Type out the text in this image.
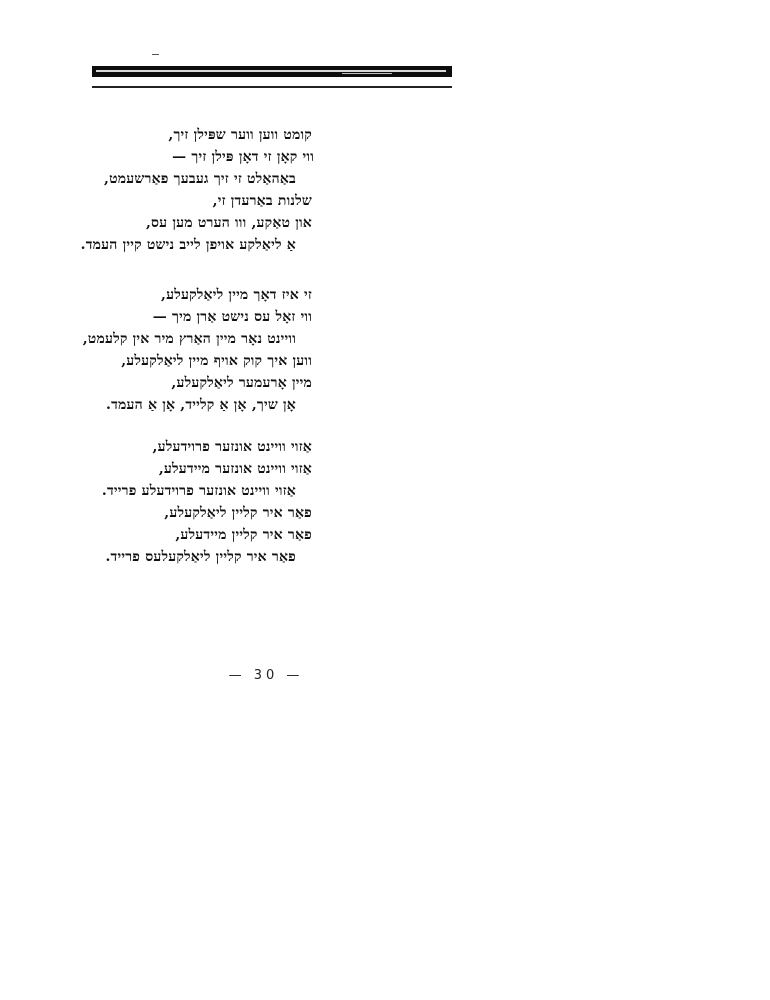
קומט ווען ווער שפּילן זיך,
ווי קאָן זי דאָן פּילן זיך —
באַהאַלט זי זיך געבעך פאַרשעמט,
שלנות באַרעדן זי,
און טאַקע, ווו הערט מען עס,
אַ ליאַלקע אויפן לייב נישט קיין העמד.
זי איז דאָך מיין ליאַלקעלע,
ווי זאָל עס נישט אַרן מיך —
וויינט נאָר מיין האַרץ מיר אין קלעמט,
ווען איך קוק אויף מיין ליאַלקעלע,
מיין אָרעמער ליאַלקעלע,
אָן שיך, אָן אַ קלייד, אָן אַ העמד.
אַזוי וויינט אונזער פרוידעלע,
אַזוי וויינט אונזער מיידעלע,
אַזוי וויינט אונזער פרוידעלע פרייד.
פאַר איר קליין ליאַלקעלע,
פאַר איר קליין מיידעלע,
פאַר איר קליין ליאַלקעלעס פרייד.
— 30 —
